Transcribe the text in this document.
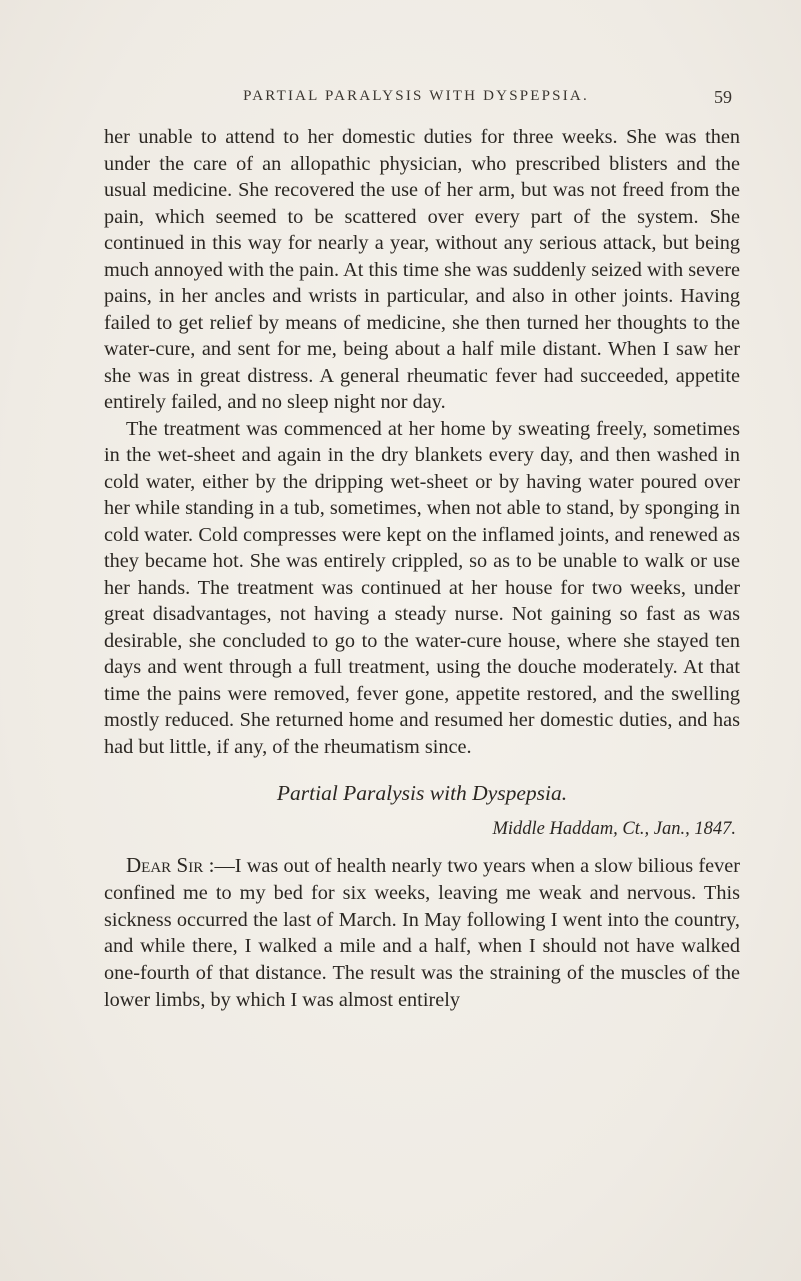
PARTIAL PARALYSIS WITH DYSPEPSIA.	59

her unable to attend to her domestic duties for three weeks. She was then under the care of an allopathic physician, who prescribed blisters and the usual medicine. She recovered the use of her arm, but was not freed from the pain, which seemed to be scattered over every part of the system. She continued in this way for nearly a year, without any serious attack, but being much annoyed with the pain. At this time she was suddenly seized with severe pains, in her ancles and wrists in particular, and also in other joints. Having failed to get relief by means of medicine, she then turned her thoughts to the water-cure, and sent for me, being about a half mile distant. When I saw her she was in great distress. A general rheumatic fever had succeeded, appetite entirely failed, and no sleep night nor day.

The treatment was commenced at her home by sweating freely, sometimes in the wet-sheet and again in the dry blankets every day, and then washed in cold water, either by the dripping wet-sheet or by having water poured over her while standing in a tub, sometimes, when not able to stand, by sponging in cold water. Cold compresses were kept on the inflamed joints, and renewed as they became hot. She was entirely crippled, so as to be unable to walk or use her hands. The treatment was continued at her house for two weeks, under great disadvantages, not having a steady nurse. Not gaining so fast as was desirable, she concluded to go to the water-cure house, where she stayed ten days and went through a full treatment, using the douche moderately. At that time the pains were removed, fever gone, appetite restored, and the swelling mostly reduced. She returned home and resumed her domestic duties, and has had but little, if any, of the rheumatism since.

Partial Paralysis with Dyspepsia.
Middle Haddam, Ct., Jan., 1847.

Dear Sir :—I was out of health nearly two years when a slow bilious fever confined me to my bed for six weeks, leaving me weak and nervous. This sickness occurred the last of March. In May following I went into the country, and while there, I walked a mile and a half, when I should not have walked one-fourth of that distance. The result was the straining of the muscles of the lower limbs, by which I was almost entirely
